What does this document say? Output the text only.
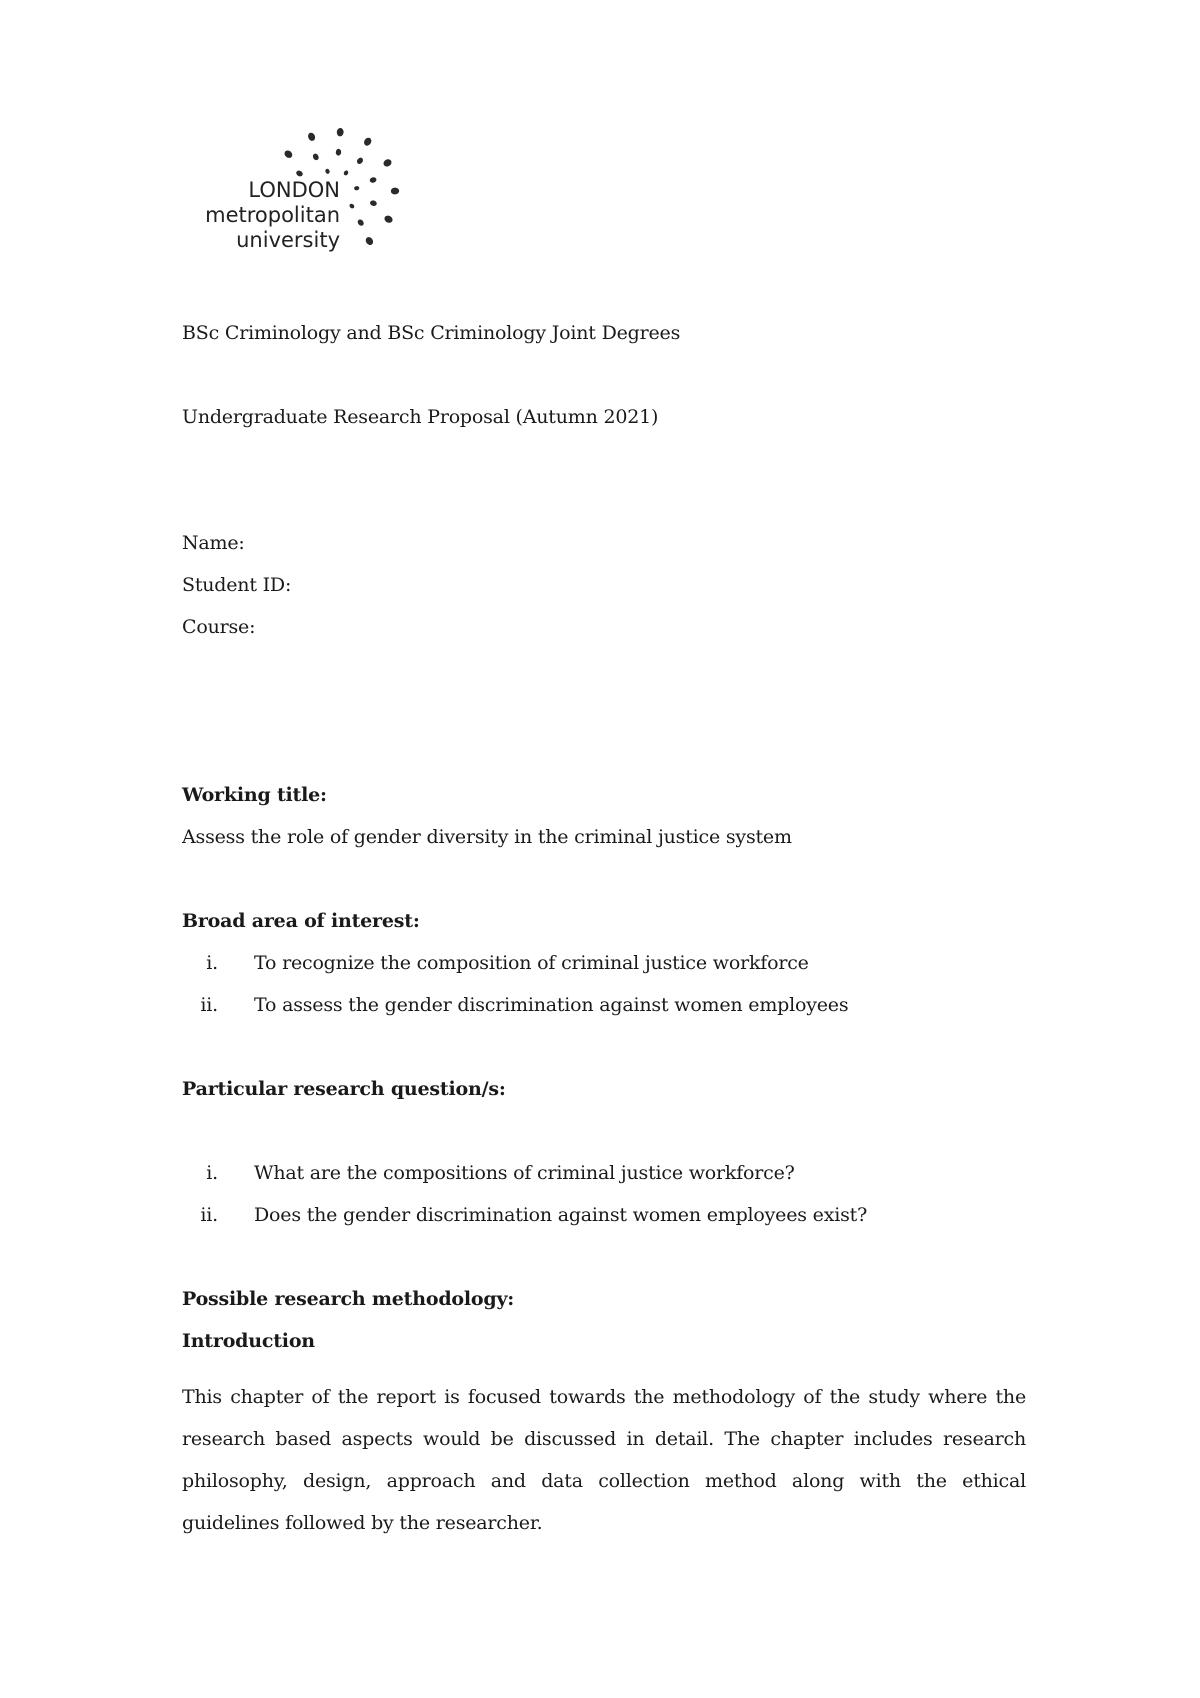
LONDON
metropolitan
university
BSc Criminology and BSc Criminology Joint Degrees
Undergraduate Research Proposal (Autumn 2021)
Name:
Student ID:
Course:
Working title:
Assess the role of gender diversity in the criminal justice system
Broad area of interest:
i. To recognize the composition of criminal justice workforce
ii. To assess the gender discrimination against women employees
Particular research question/s:
i. What are the compositions of criminal justice workforce?
ii. Does the gender discrimination against women employees exist?
Possible research methodology:
Introduction
This chapter of the report is focused towards the methodology of the study where the research based aspects would be discussed in detail. The chapter includes research philosophy, design, approach and data collection method along with the ethical guidelines followed by the researcher.
